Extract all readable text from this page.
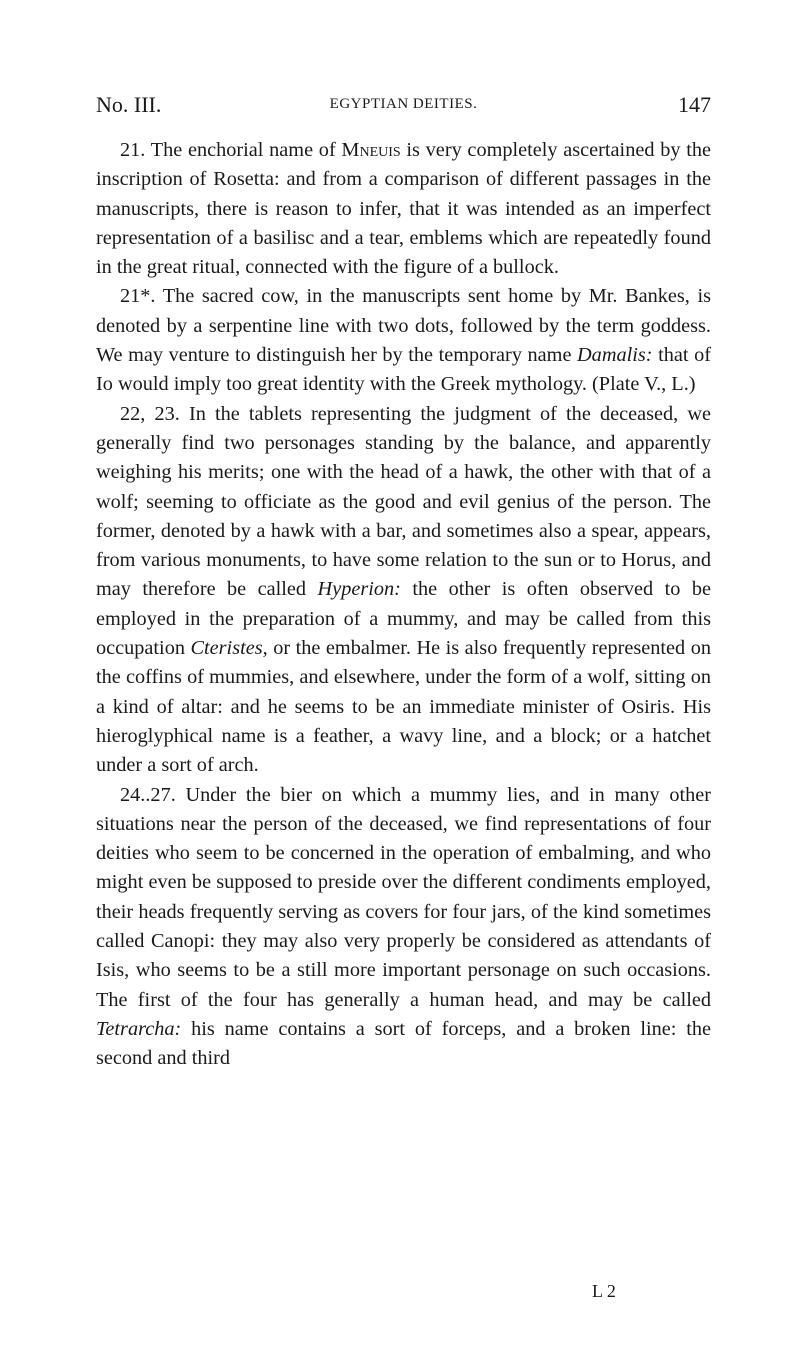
No. III.	EGYPTIAN DEITIES.	147

21. The enchorial name of Mneuis is very completely ascertained by the inscription of Rosetta: and from a comparison of different passages in the manuscripts, there is reason to infer, that it was intended as an imperfect representation of a basilisc and a tear, emblems which are repeatedly found in the great ritual, connected with the figure of a bullock.

21*. The sacred cow, in the manuscripts sent home by Mr. Bankes, is denoted by a serpentine line with two dots, followed by the term goddess. We may venture to distinguish her by the temporary name Damalis: that of Io would imply too great identity with the Greek mythology. (Plate V., L.)

22, 23. In the tablets representing the judgment of the deceased, we generally find two personages standing by the balance, and apparently weighing his merits; one with the head of a hawk, the other with that of a wolf; seeming to officiate as the good and evil genius of the person. The former, denoted by a hawk with a bar, and sometimes also a spear, appears, from various monuments, to have some relation to the sun or to Horus, and may therefore be called Hyperion: the other is often observed to be employed in the preparation of a mummy, and may be called from this occupation Cteristes, or the embalmer. He is also frequently represented on the coffins of mummies, and elsewhere, under the form of a wolf, sitting on a kind of altar: and he seems to be an immediate minister of Osiris. His hieroglyphical name is a feather, a wavy line, and a block; or a hatchet under a sort of arch.

24..27. Under the bier on which a mummy lies, and in many other situations near the person of the deceased, we find representations of four deities who seem to be concerned in the operation of embalming, and who might even be supposed to preside over the different condiments employed, their heads frequently serving as covers for four jars, of the kind sometimes called Canopi: they may also very properly be considered as attendants of Isis, who seems to be a still more important personage on such occasions. The first of the four has generally a human head, and may be called Tetrarcha: his name contains a sort of forceps, and a broken line: the second and third

L 2
